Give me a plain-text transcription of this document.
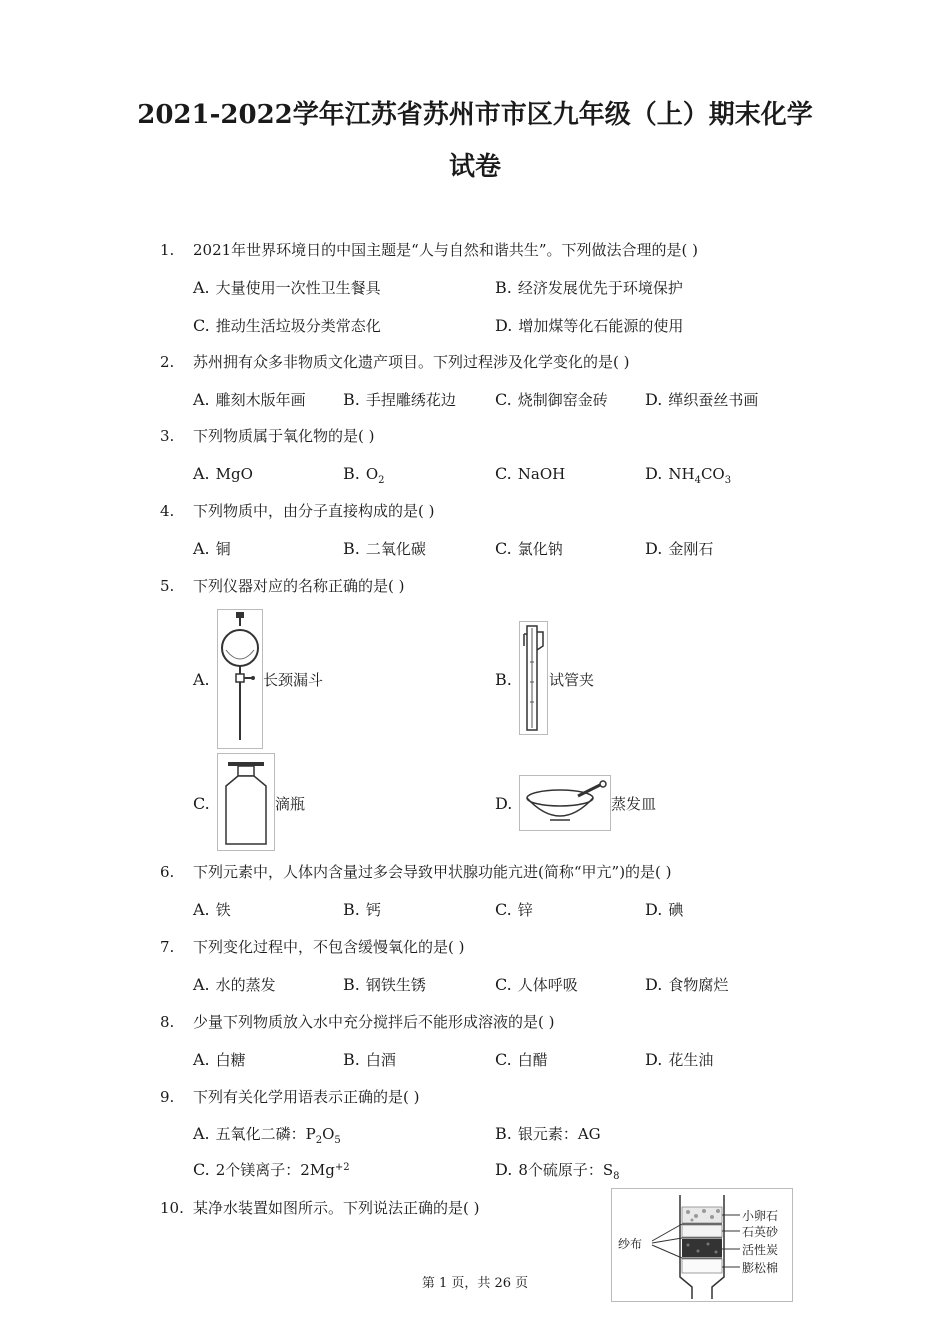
2021-2022学年江苏省苏州市市区九年级（上）期末化学
试卷
1.	2021年世界环境日的中国主题是“人与自然和谐共生”。下列做法合理的是( )
A. 大量使用一次性卫生餐具	B. 经济发展优先于环境保护
C. 推动生活垃圾分类常态化	D. 增加煤等化石能源的使用
2.	苏州拥有众多非物质文化遗产项目。下列过程涉及化学变化的是( )
A. 雕刻木版年画 B. 手捏雕绣花边 C. 烧制御窑金砖 D. 缂织蚕丝书画
3.	下列物质属于氧化物的是( )
A. MgO	B. $O_2$	C. NaOH	D. $NH_4CO_3$
4.	下列物质中，由分子直接构成的是( )
A. 铜	B. 二氧化碳	C. 氯化钠	D. 金刚石
5.	下列仪器对应的名称正确的是( )
A.	长颈漏斗	B.	试管夹
C.	滴瓶	D.	蒸发皿
6.	下列元素中，人体内含量过多会导致甲状腺功能亢进(简称“甲亢”)的是( )
A. 铁	B. 钙	C. 锌	D. 碘
7.	下列变化过程中，不包含缓慢氧化的是( )
A. 水的蒸发	B. 钢铁生锈	C. 人体呼吸	D. 食物腐烂
8.	少量下列物质放入水中充分搅拌后不能形成溶液的是( )
A. 白糖	B. 白酒	C. 白醋	D. 花生油
9.	下列有关化学用语表示正确的是( )
A. 五氧化二磷：$P_2O_5$	B. 银元素：AG
C. 2个镁离子：$2Mg^{+2}$	D. 8个硫原子：$S_8$
10. 某净水装置如图所示。下列说法正确的是( )
纱布
小卵石
石英砂
活性炭
膨松棉
第 1 页，共 26 页
